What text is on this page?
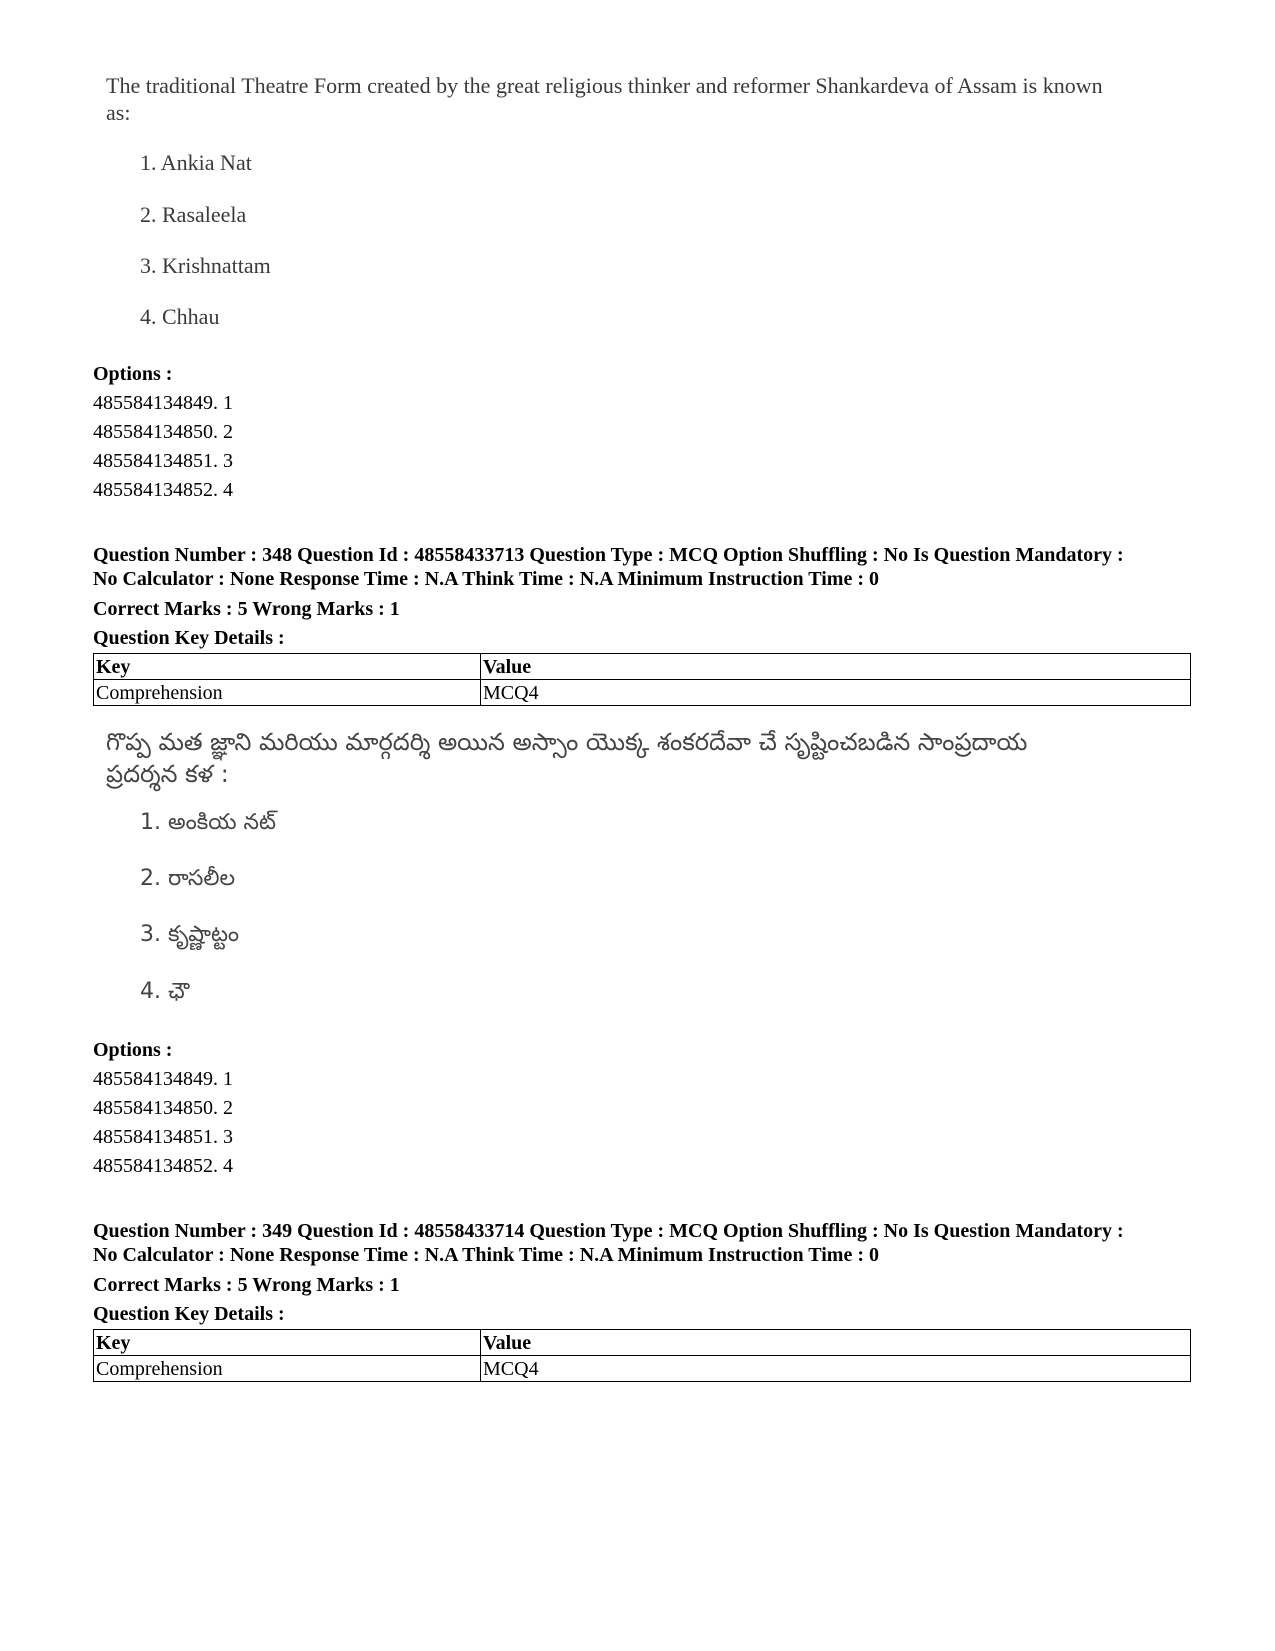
The traditional Theatre Form created by the great religious thinker and reformer Shankardeva of Assam is known as:

1. Ankia Nat
2. Rasaleela
3. Krishnattam
4. Chhau
Options :
485584134849. 1
485584134850. 2
485584134851. 3
485584134852. 4
Question Number : 348 Question Id : 48558433713 Question Type : MCQ Option Shuffling : No Is Question Mandatory :
No Calculator : None Response Time : N.A Think Time : N.A Minimum Instruction Time : 0
Correct Marks : 5 Wrong Marks : 1
Question Key Details :
Key	Value
Comprehension	MCQ4

గొప్ప మత జ్ఞాని మరియు మార్గదర్శి అయిన అస్సాం యొక్క శంకరదేవా చే సృష్టించబడిన సాంప్రదాయ ప్రదర్శన కళ :

1. అంకియ నట్
2. రాసలీల
3. కృష్ణాట్టం
4. ఛౌ
Options :
485584134849. 1
485584134850. 2
485584134851. 3
485584134852. 4
Question Number : 349 Question Id : 48558433714 Question Type : MCQ Option Shuffling : No Is Question Mandatory :
No Calculator : None Response Time : N.A Think Time : N.A Minimum Instruction Time : 0
Correct Marks : 5 Wrong Marks : 1
Question Key Details :
Key	Value
Comprehension	MCQ4
